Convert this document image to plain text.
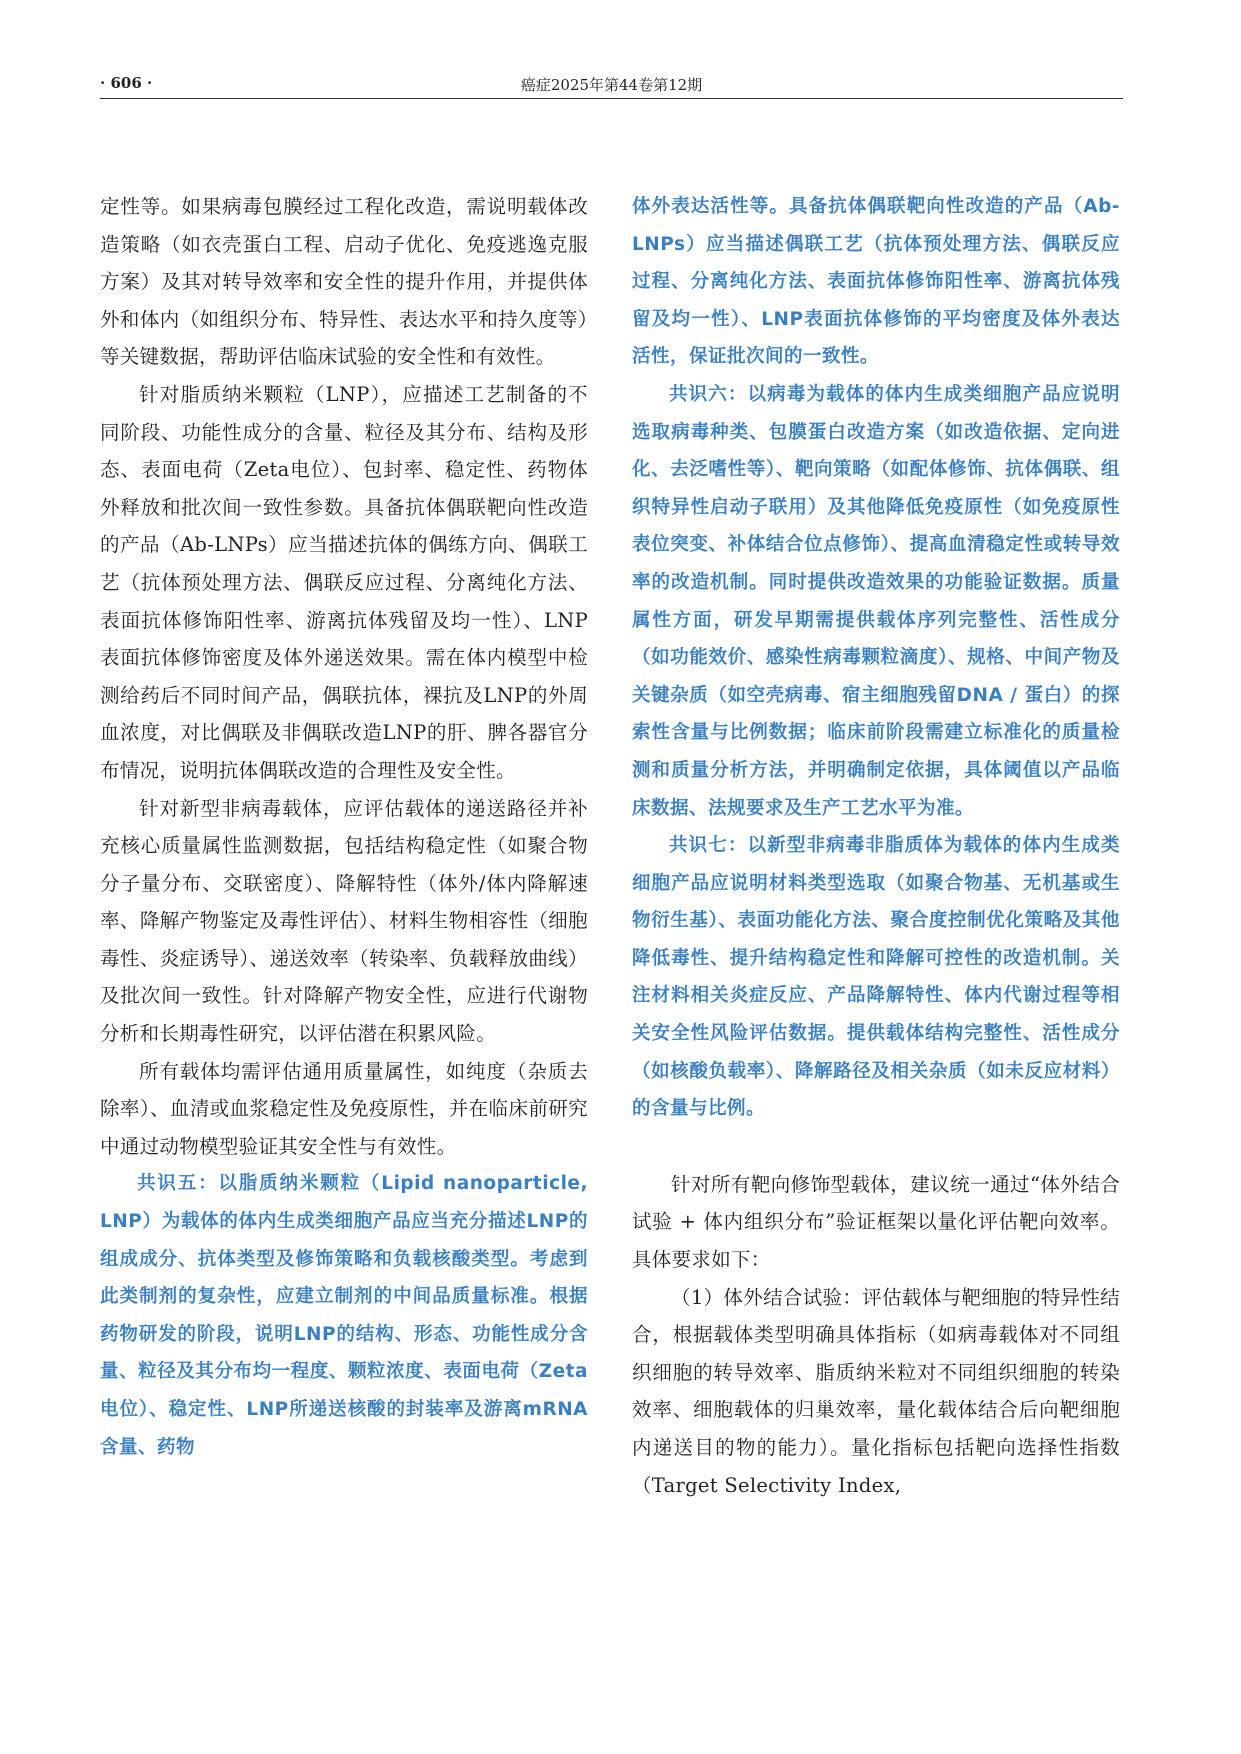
· 606 ·	癌症2025年第44卷第12期

定性等。如果病毒包膜经过工程化改造，需说明载体改造策略（如衣壳蛋白工程、启动子优化、免疫逃逸克服方案）及其对转导效率和安全性的提升作用，并提供体外和体内（如组织分布、特异性、表达水平和持久度等）等关键数据，帮助评估临床试验的安全性和有效性。

针对脂质纳米颗粒（LNP），应描述工艺制备的不同阶段、功能性成分的含量、粒径及其分布、结构及形态、表面电荷（Zeta电位）、包封率、稳定性、药物体外释放和批次间一致性参数。具备抗体偶联靶向性改造的产品（Ab-LNPs）应当描述抗体的偶练方向、偶联工艺（抗体预处理方法、偶联反应过程、分离纯化方法、表面抗体修饰阳性率、游离抗体残留及均一性）、LNP表面抗体修饰密度及体外递送效果。需在体内模型中检测给药后不同时间产品，偶联抗体，裸抗及LNP的外周血浓度，对比偶联及非偶联改造LNP的肝、脾各器官分布情况，说明抗体偶联改造的合理性及安全性。

针对新型非病毒载体，应评估载体的递送路径并补充核心质量属性监测数据，包括结构稳定性（如聚合物分子量分布、交联密度）、降解特性（体外/体内降解速率、降解产物鉴定及毒性评估）、材料生物相容性（细胞毒性、炎症诱导）、递送效率（转染率、负载释放曲线）及批次间一致性。针对降解产物安全性，应进行代谢物分析和长期毒性研究，以评估潜在积累风险。

所有载体均需评估通用质量属性，如纯度（杂质去除率）、血清或血浆稳定性及免疫原性，并在临床前研究中通过动物模型验证其安全性与有效性。

共识五：以脂质纳米颗粒（Lipid nanoparticle, LNP）为载体的体内生成类细胞产品应当充分描述LNP的组成成分、抗体类型及修饰策略和负载核酸类型。考虑到此类制剂的复杂性，应建立制剂的中间品质量标准。根据药物研发的阶段，说明LNP的结构、形态、功能性成分含量、粒径及其分布均一程度、颗粒浓度、表面电荷（Zeta电位）、稳定性、LNP所递送核酸的封装率及游离mRNA含量、药物

体外表达活性等。具备抗体偶联靶向性改造的产品（Ab-LNPs）应当描述偶联工艺（抗体预处理方法、偶联反应过程、分离纯化方法、表面抗体修饰阳性率、游离抗体残留及均一性）、LNP表面抗体修饰的平均密度及体外表达活性，保证批次间的一致性。

共识六：以病毒为载体的体内生成类细胞产品应说明选取病毒种类、包膜蛋白改造方案（如改造依据、定向进化、去泛嗜性等）、靶向策略（如配体修饰、抗体偶联、组织特异性启动子联用）及其他降低免疫原性（如免疫原性表位突变、补体结合位点修饰）、提高血清稳定性或转导效率的改造机制。同时提供改造效果的功能验证数据。质量属性方面，研发早期需提供载体序列完整性、活性成分（如功能效价、感染性病毒颗粒滴度）、规格、中间产物及关键杂质（如空壳病毒、宿主细胞残留DNA / 蛋白）的探索性含量与比例数据；临床前阶段需建立标准化的质量检测和质量分析方法，并明确制定依据，具体阈值以产品临床数据、法规要求及生产工艺水平为准。

共识七：以新型非病毒非脂质体为载体的体内生成类细胞产品应说明材料类型选取（如聚合物基、无机基或生物衍生基）、表面功能化方法、聚合度控制优化策略及其他降低毒性、提升结构稳定性和降解可控性的改造机制。关注材料相关炎症反应、产品降解特性、体内代谢过程等相关安全性风险评估数据。提供载体结构完整性、活性成分（如核酸负载率）、降解路径及相关杂质（如未反应材料）的含量与比例。

针对所有靶向修饰型载体，建议统一通过“体外结合试验 + 体内组织分布”验证框架以量化评估靶向效率。具体要求如下：

（1）体外结合试验：评估载体与靶细胞的特异性结合，根据载体类型明确具体指标（如病毒载体对不同组织细胞的转导效率、脂质纳米粒对不同组织细胞的转染效率、细胞载体的归巢效率，量化载体结合后向靶细胞内递送目的物的能力）。量化指标包括靶向选择性指数（Target Selectivity Index,
